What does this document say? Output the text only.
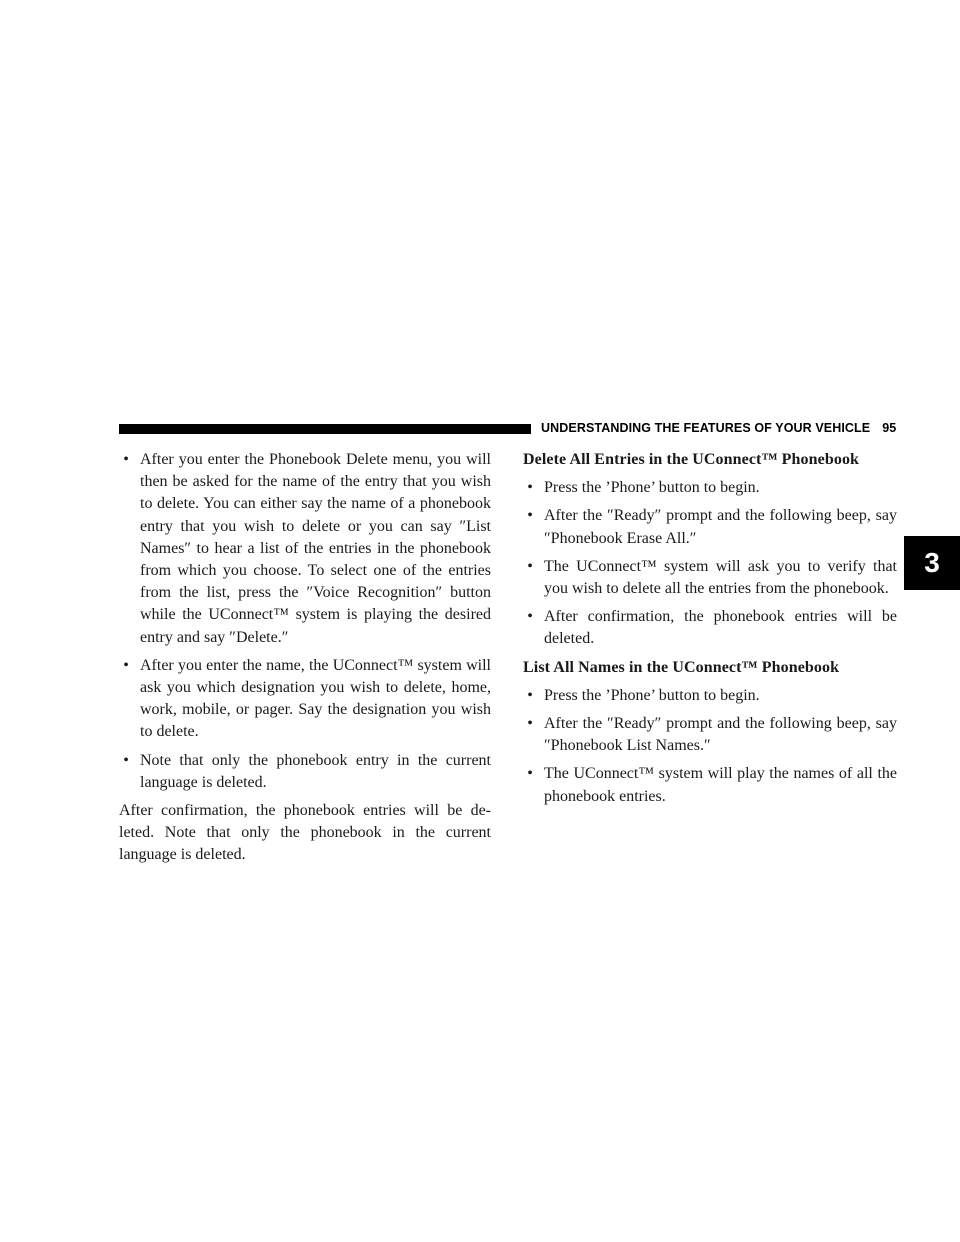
UNDERSTANDING THE FEATURES OF YOUR VEHICLE 95
3
• After you enter the Phonebook Delete menu, you will then be asked for the name of the entry that you wish to delete. You can either say the name of a phonebook entry that you wish to delete or you can say ″List Names″ to hear a list of the entries in the phonebook from which you choose. To select one of the entries from the list, press the ″Voice Recognition″ button while the UConnect™ system is playing the desired entry and say ″Delete.″
• After you enter the name, the UConnect™ system will ask you which designation you wish to delete, home, work, mobile, or pager. Say the designation you wish to delete.
• Note that only the phonebook entry in the current language is deleted.

After confirmation, the phonebook entries will be de-leted. Note that only the phonebook in the current language is deleted.

Delete All Entries in the UConnect™ Phonebook
• Press the ’Phone’ button to begin.
• After the ″Ready″ prompt and the following beep, say ″Phonebook Erase All.″
• The UConnect™ system will ask you to verify that you wish to delete all the entries from the phonebook.
• After confirmation, the phonebook entries will be deleted.
List All Names in the UConnect™ Phonebook
• Press the ’Phone’ button to begin.
• After the ″Ready″ prompt and the following beep, say ″Phonebook List Names.″
• The UConnect™ system will play the names of all the phonebook entries.
